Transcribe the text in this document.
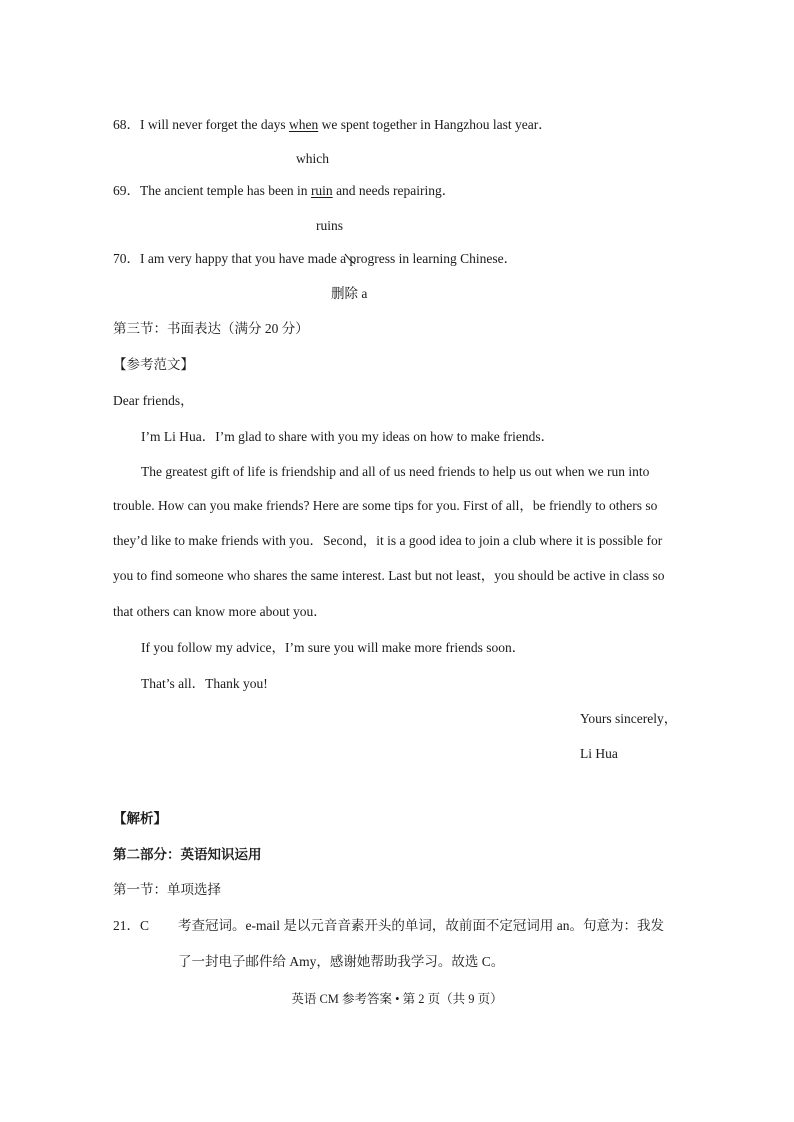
68．I will never forget the days when we spent together in Hangzhou last year．
which
69．The ancient temple has been in ruin and needs repairing．
ruins
70．I am very happy that you have made a progress in learning Chinese．
删除 a
第三节：书面表达（满分 20 分）
【参考范文】
Dear friends，
I’m Li Hua．I’m glad to share with you my ideas on how to make friends．
The greatest gift of life is friendship and all of us need friends to help us out when we run into
trouble. How can you make friends? Here are some tips for you. First of all，be friendly to others so
they’d like to make friends with you．Second，it is a good idea to join a club where it is possible for
you to find someone who shares the same interest. Last but not least，you should be active in class so
that others can know more about you．
If you follow my advice，I’m sure you will make more friends soon．
That’s all．Thank you!
Yours sincerely，
Li Hua
【解析】
第二部分：英语知识运用
第一节：单项选择
21．C 考查冠词。e-mail 是以元音音素开头的单词，故前面不定冠词用 an。句意为：我发
了一封电子邮件给 Amy，感谢她帮助我学习。故选 C。
英语 CM 参考答案 • 第 2 页（共 9 页）
